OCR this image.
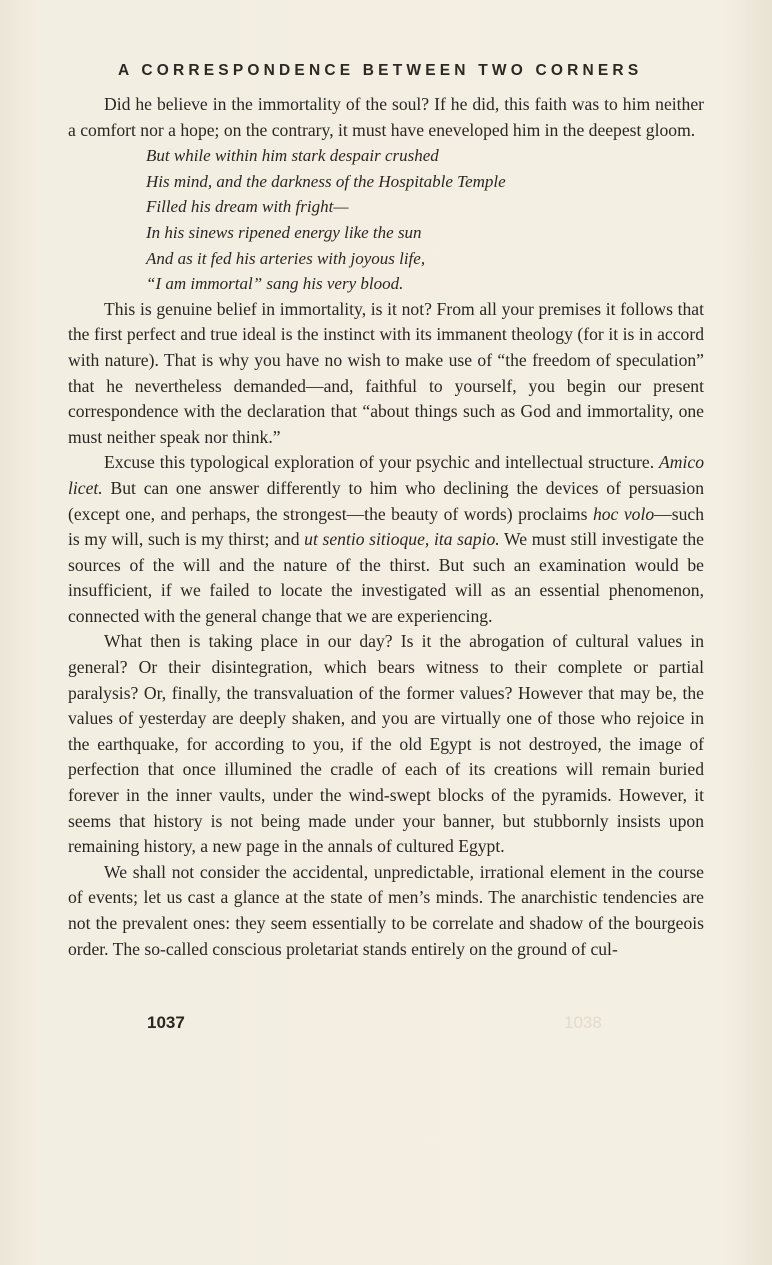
A CORRESPONDENCE BETWEEN TWO CORNERS

Did he believe in the immortality of the soul? If he did, this faith was to him neither a comfort nor a hope; on the contrary, it must have eneveloped him in the deepest gloom.

But while within him stark despair crushed
His mind, and the darkness of the Hospitable Temple
Filled his dream with fright—
In his sinews ripened energy like the sun
And as it fed his arteries with joyous life,
“I am immortal” sang his very blood.

This is genuine belief in immortality, is it not? From all your premises it follows that the first perfect and true ideal is the instinct with its immanent theology (for it is in accord with nature). That is why you have no wish to make use of “the freedom of speculation” that he nevertheless demanded—and, faithful to yourself, you begin our present correspondence with the declaration that “about things such as God and immortality, one must neither speak nor think.”

Excuse this typological exploration of your psychic and intellectual structure. Amico licet. But can one answer differently to him who declining the devices of persuasion (except one, and perhaps, the strongest—the beauty of words) proclaims hoc volo—such is my will, such is my thirst; and ut sentio sitioque, ita sapio. We must still investigate the sources of the will and the nature of the thirst. But such an examination would be insufficient, if we failed to locate the investigated will as an essential phenomenon, connected with the general change that we are experiencing.

What then is taking place in our day? Is it the abrogation of cultural values in general? Or their disintegration, which bears witness to their complete or partial paralysis? Or, finally, the transvaluation of the former values? However that may be, the values of yesterday are deeply shaken, and you are virtually one of those who rejoice in the earthquake, for according to you, if the old Egypt is not destroyed, the image of perfection that once illumined the cradle of each of its creations will remain buried forever in the inner vaults, under the wind-swept blocks of the pyramids. However, it seems that history is not being made under your banner, but stubbornly insists upon remaining history, a new page in the annals of cultured Egypt.

We shall not consider the accidental, unpredictable, irrational element in the course of events; let us cast a glance at the state of men’s minds. The anarchistic tendencies are not the prevalent ones: they seem essentially to be correlate and shadow of the bourgeois order. The so-called conscious proletariat stands entirely on the ground of cul-

1037	1038
